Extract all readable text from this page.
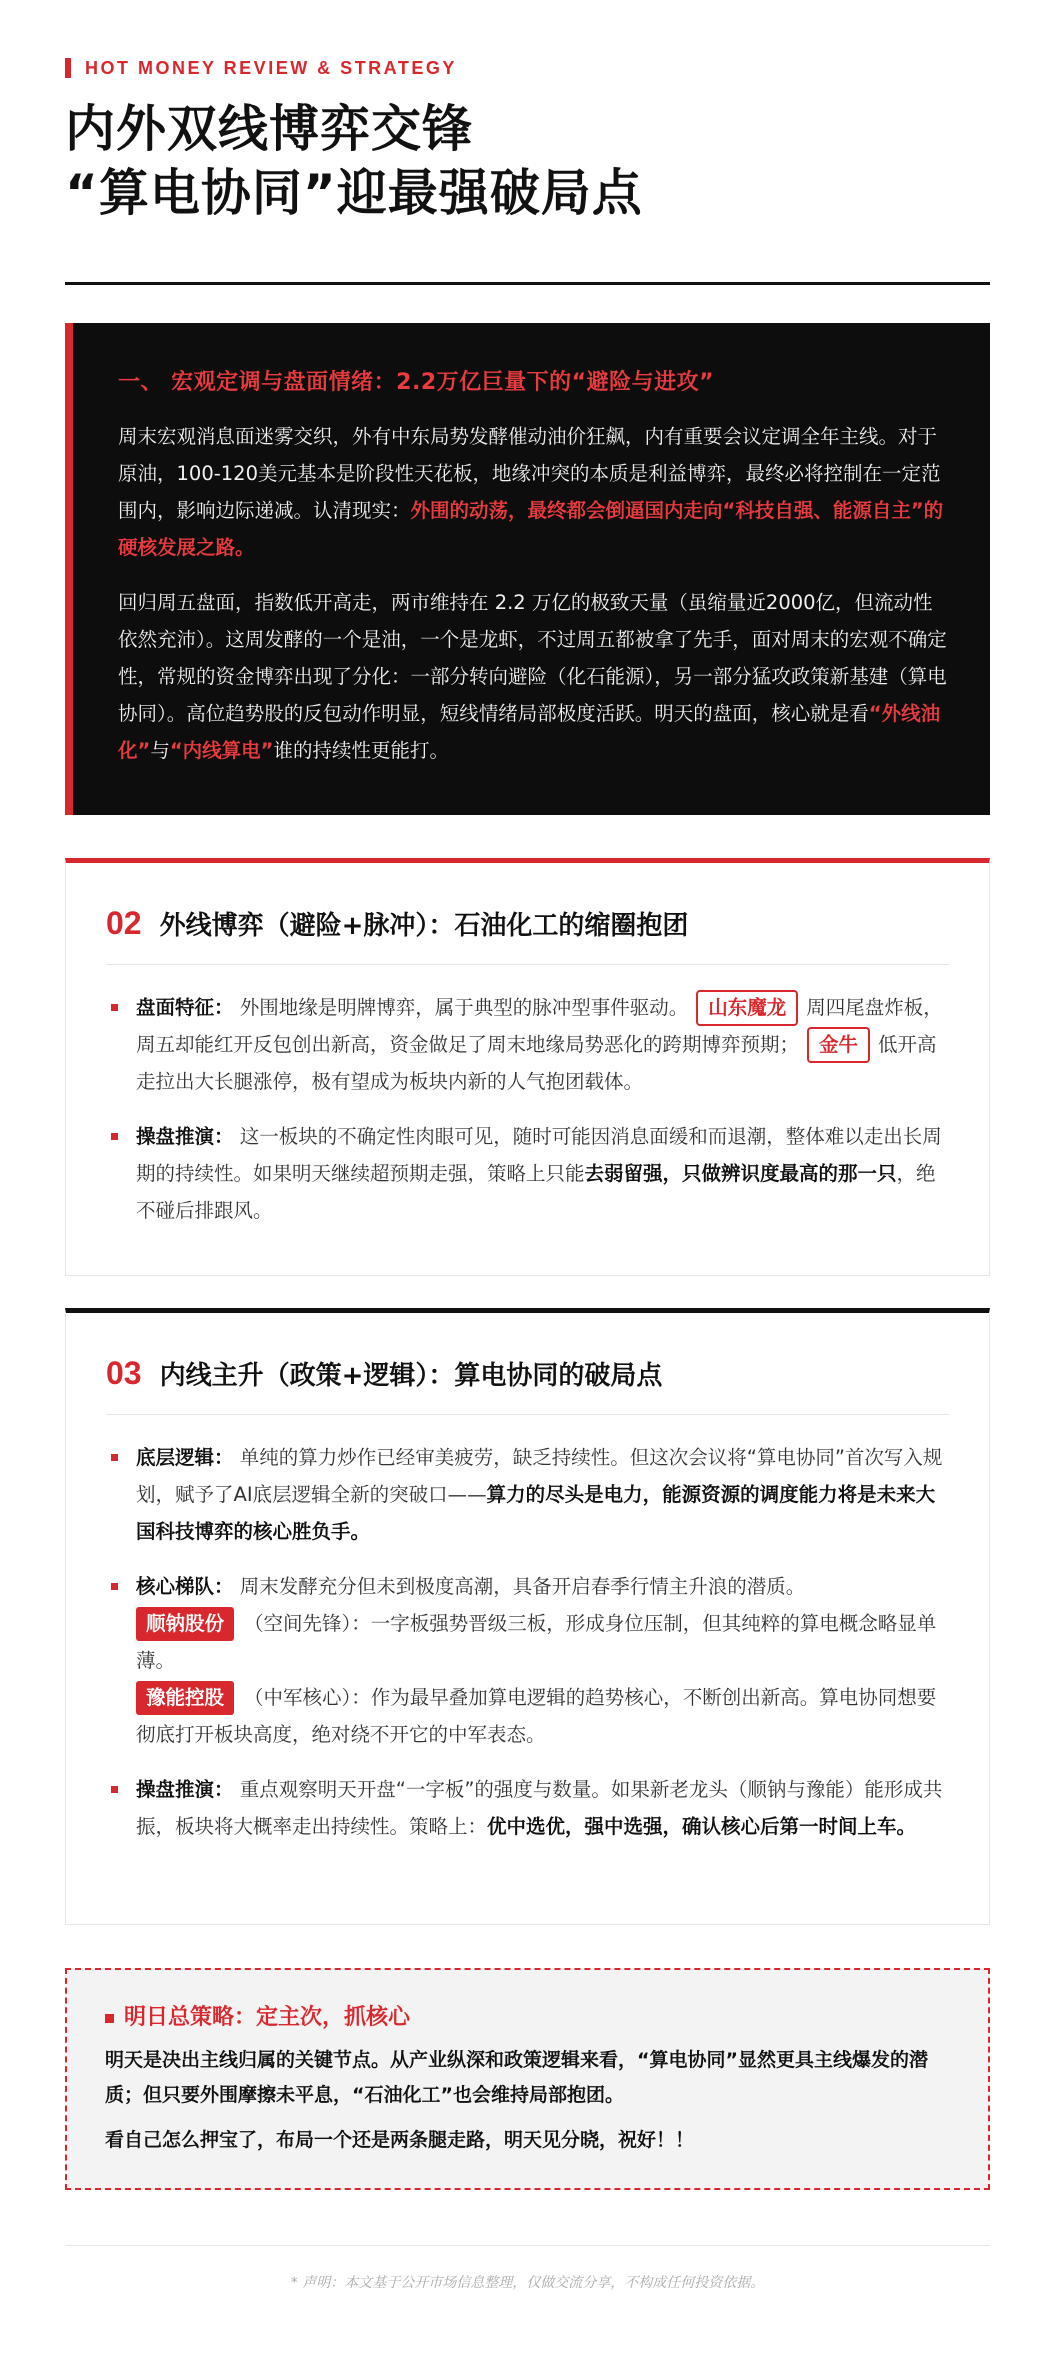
HOT MONEY REVIEW & STRATEGY
内外双线博弈交锋
“算电协同”迎最强破局点
一、 宏观定调与盘面情绪：2.2万亿巨量下的“避险与进攻”

周末宏观消息面迷雾交织，外有中东局势发酵催动油价狂飙，内有重要会议定调全年主线。对于原油，100-120美元基本是阶段性天花板，地缘冲突的本质是利益博弈，最终必将控制在一定范围内，影响边际递减。认清现实：外围的动荡，最终都会倒逼国内走向“科技自强、能源自主”的硬核发展之路。

回归周五盘面，指数低开高走，两市维持在 2.2 万亿的极致天量（虽缩量近2000亿，但流动性依然充沛）。这周发酵的一个是油，一个是龙虾，不过周五都被拿了先手，面对周末的宏观不确定性，常规的资金博弈出现了分化：一部分转向避险（化石能源），另一部分猛攻政策新基建（算电协同）。高位趋势股的反包动作明显，短线情绪局部极度活跃。明天的盘面，核心就是看“外线油化”与“内线算电”谁的持续性更能打。

02 外线博弈（避险+脉冲）：石油化工的缩圈抱团
盘面特征： 外围地缘是明牌博弈，属于典型的脉冲型事件驱动。 山东魔龙 周四尾盘炸板，周五却能红开反包创出新高，资金做足了周末地缘局势恶化的跨期博弈预期； 金牛 低开高走拉出大长腿涨停，极有望成为板块内新的人气抱团载体。
操盘推演： 这一板块的不确定性肉眼可见，随时可能因消息面缓和而退潮，整体难以走出长周期的持续性。如果明天继续超预期走强，策略上只能去弱留强，只做辨识度最高的那一只，绝不碰后排跟风。
03 内线主升（政策+逻辑）：算电协同的破局点
底层逻辑： 单纯的算力炒作已经审美疲劳，缺乏持续性。但这次会议将“算电协同”首次写入规划，赋予了AI底层逻辑全新的突破口——算力的尽头是电力，能源资源的调度能力将是未来大国科技博弈的核心胜负手。
核心梯队： 周末发酵充分但未到极度高潮，具备开启春季行情主升浪的潜质。
顺钠股份 （空间先锋）：一字板强势晋级三板，形成身位压制，但其纯粹的算电概念略显单薄。
豫能控股 （中军核心）：作为最早叠加算电逻辑的趋势核心，不断创出新高。算电协同想要彻底打开板块高度，绝对绕不开它的中军表态。
操盘推演： 重点观察明天开盘“一字板”的强度与数量。如果新老龙头（顺钠与豫能）能形成共振，板块将大概率走出持续性。策略上：优中选优，强中选强，确认核心后第一时间上车。
明日总策略：定主次，抓核心

明天是决出主线归属的关键节点。从产业纵深和政策逻辑来看，“算电协同”显然更具主线爆发的潜质；但只要外围摩擦未平息，“石油化工”也会维持局部抱团。

看自己怎么押宝了，布局一个还是两条腿走路，明天见分晓，祝好！！

* 声明：本文基于公开市场信息整理，仅做交流分享，不构成任何投资依据。
